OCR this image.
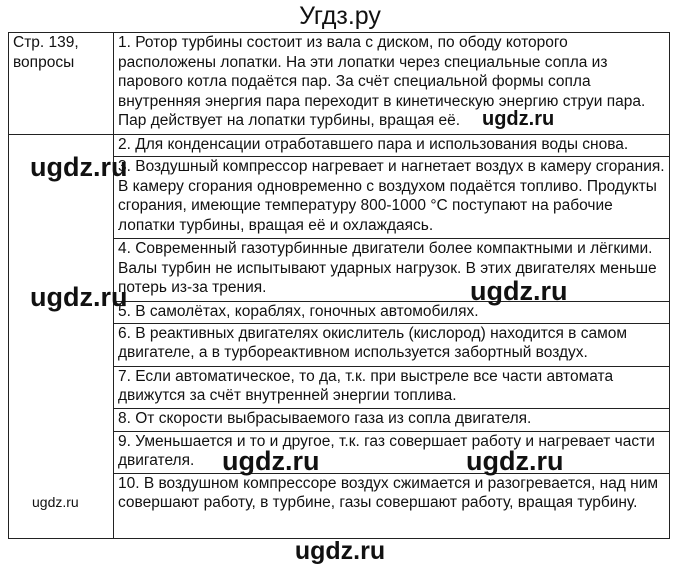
Угдз.ру
Стр. 139,
вопросы	1. Ротор турбины состоит из вала с диском, по ободу которого расположены лопатки. На эти лопатки через специальные сопла из парового котла подаётся пар. За счёт специальной формы сопла внутренняя энергия пара переходит в кинетическую энергию струи пара. Пар действует на лопатки турбины, вращая её.
	2. Для конденсации отработавшего пара и использования воды снова.
	3. Воздушный компрессор нагревает и нагнетает воздух в камеру сгорания. В камеру сгорания одновременно с воздухом подаётся топливо. Продукты сгорания, имеющие температуру 800-1000 °C поступают на рабочие лопатки турбины, вращая её и охлаждаясь.
	4. Современный газотурбинные двигатели более компактными и лёгкими. Валы турбин не испытывают ударных нагрузок. В этих двигателях меньше потерь из-за трения.
	5. В самолётах, кораблях, гоночных автомобилях.
	6. В реактивных двигателях окислитель (кислород) находится в самом двигателе, а в турбореактивном используется забортный воздух.
	7. Если автоматическое, то да, т.к. при выстреле все части автомата движутся за счёт внутренней энергии топлива.
	8. От скорости выбрасываемого газа из сопла двигателя.
	9. Уменьшается и то и другое, т.к. газ совершает работу и нагревает части двигателя.
	10. В воздушном компрессоре воздух сжимается и разогревается, над ним совершают работу, в турбине, газы совершают работу, вращая турбину.
ugdz.ru
ugdz.ru
ugdz.ru	ugdz.ru
ugdz.ru	ugdz.ru
ugdz.ru
ugdz.ru
